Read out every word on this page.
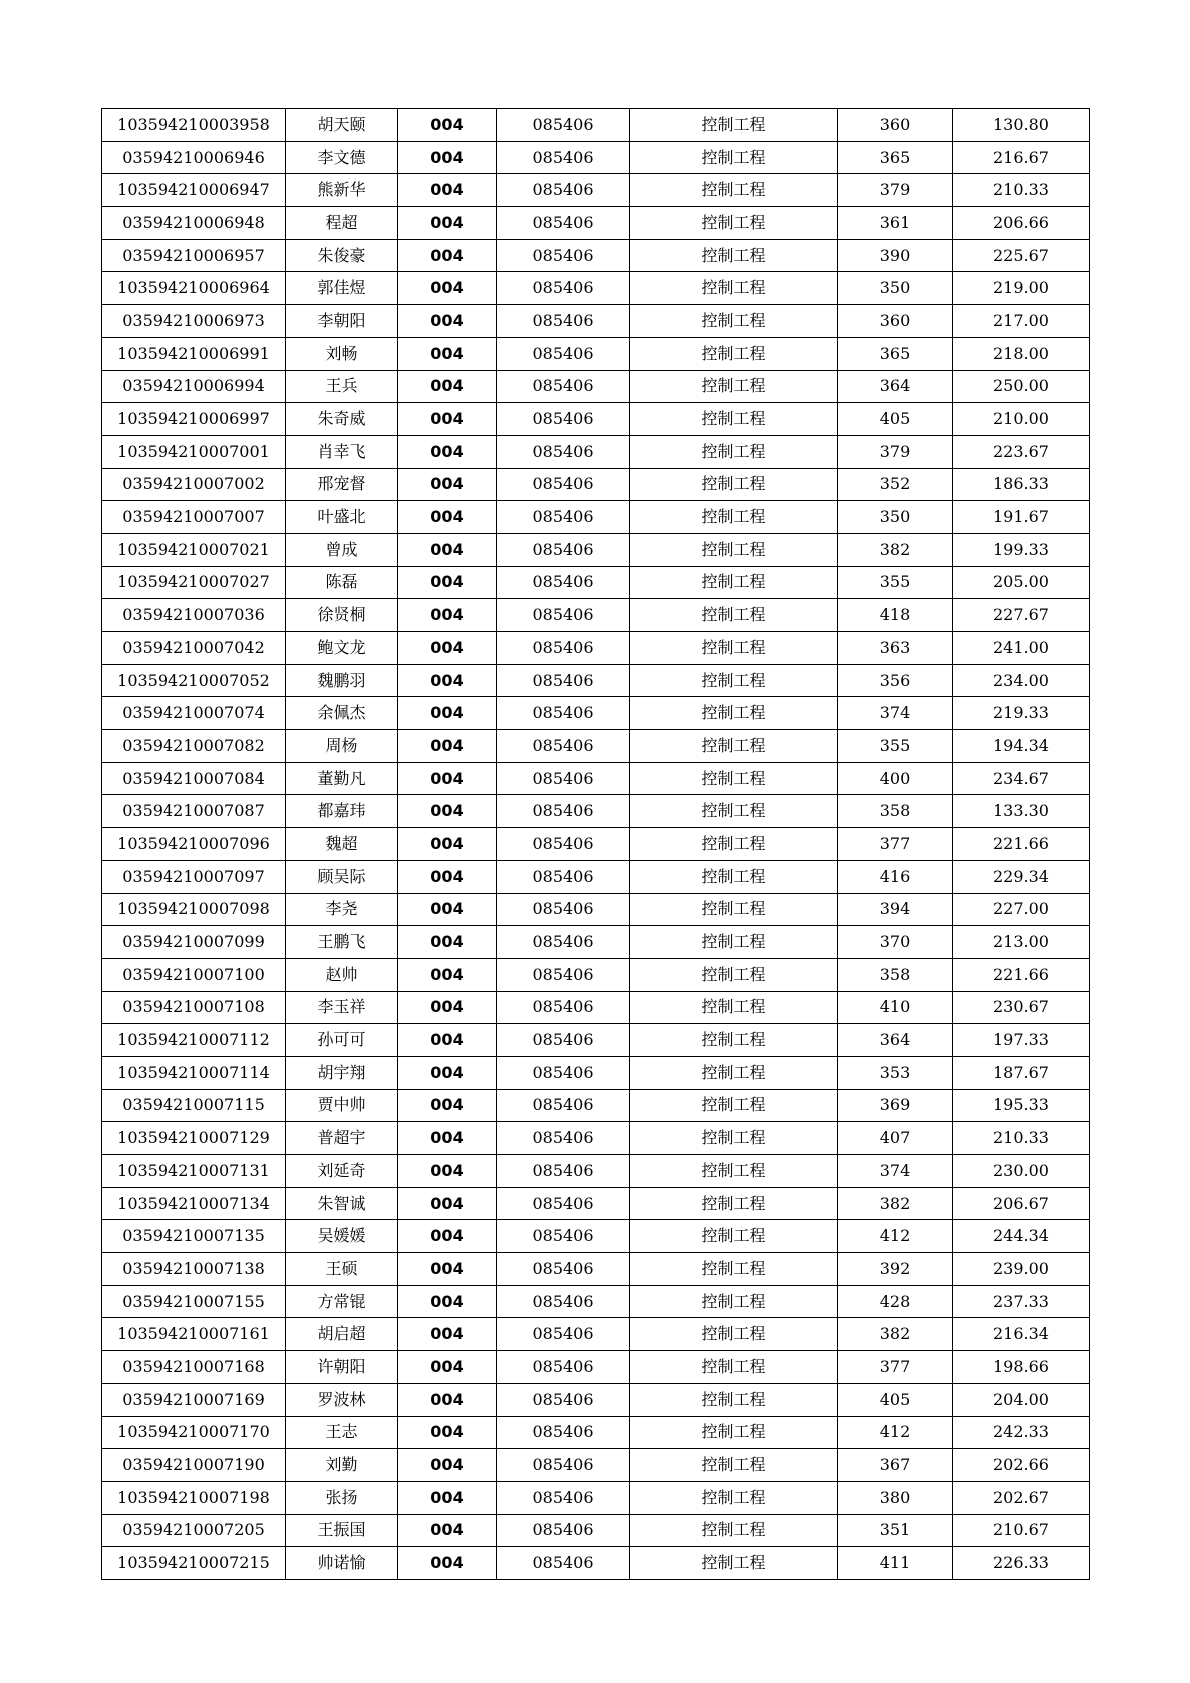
103594210003958	胡天颐	004	085406	控制工程	360	130.80
03594210006946	李文德	004	085406	控制工程	365	216.67
103594210006947	熊新华	004	085406	控制工程	379	210.33
03594210006948	程超	004	085406	控制工程	361	206.66
03594210006957	朱俊豪	004	085406	控制工程	390	225.67
103594210006964	郭佳煜	004	085406	控制工程	350	219.00
03594210006973	李朝阳	004	085406	控制工程	360	217.00
103594210006991	刘畅	004	085406	控制工程	365	218.00
03594210006994	王兵	004	085406	控制工程	364	250.00
103594210006997	朱奇威	004	085406	控制工程	405	210.00
103594210007001	肖幸飞	004	085406	控制工程	379	223.67
03594210007002	邢宠督	004	085406	控制工程	352	186.33
03594210007007	叶盛北	004	085406	控制工程	350	191.67
103594210007021	曾成	004	085406	控制工程	382	199.33
103594210007027	陈磊	004	085406	控制工程	355	205.00
03594210007036	徐贤桐	004	085406	控制工程	418	227.67
03594210007042	鲍文龙	004	085406	控制工程	363	241.00
103594210007052	魏鹏羽	004	085406	控制工程	356	234.00
03594210007074	余佩杰	004	085406	控制工程	374	219.33
03594210007082	周杨	004	085406	控制工程	355	194.34
03594210007084	董勤凡	004	085406	控制工程	400	234.67
03594210007087	都嘉玮	004	085406	控制工程	358	133.30
103594210007096	魏超	004	085406	控制工程	377	221.66
03594210007097	顾吴际	004	085406	控制工程	416	229.34
103594210007098	李尧	004	085406	控制工程	394	227.00
03594210007099	王鹏飞	004	085406	控制工程	370	213.00
03594210007100	赵帅	004	085406	控制工程	358	221.66
03594210007108	李玉祥	004	085406	控制工程	410	230.67
103594210007112	孙可可	004	085406	控制工程	364	197.33
103594210007114	胡宇翔	004	085406	控制工程	353	187.67
03594210007115	贾中帅	004	085406	控制工程	369	195.33
103594210007129	普超宇	004	085406	控制工程	407	210.33
103594210007131	刘延奇	004	085406	控制工程	374	230.00
103594210007134	朱智诚	004	085406	控制工程	382	206.67
03594210007135	吴媛媛	004	085406	控制工程	412	244.34
03594210007138	王硕	004	085406	控制工程	392	239.00
03594210007155	方常锟	004	085406	控制工程	428	237.33
103594210007161	胡启超	004	085406	控制工程	382	216.34
03594210007168	许朝阳	004	085406	控制工程	377	198.66
03594210007169	罗波林	004	085406	控制工程	405	204.00
103594210007170	王志	004	085406	控制工程	412	242.33
03594210007190	刘勤	004	085406	控制工程	367	202.66
103594210007198	张扬	004	085406	控制工程	380	202.67
03594210007205	王振国	004	085406	控制工程	351	210.67
103594210007215	帅诺愉	004	085406	控制工程	411	226.33
